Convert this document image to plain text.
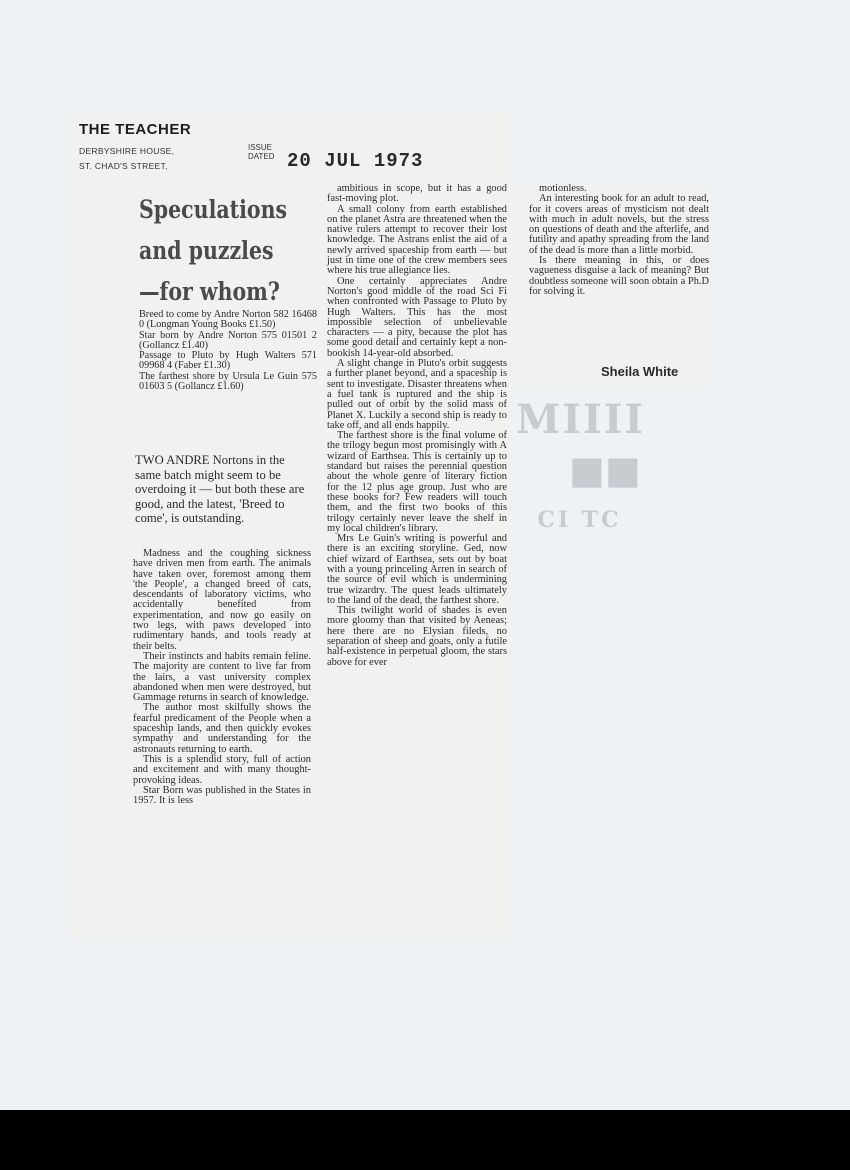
THE TEACHER
DERBYSHIRE HOUSE,
ST. CHAD'S STREET,
ISSUE
DATED 20 JUL 1973
Speculations
and puzzles
—for whom?

Breed to come by Andre Norton 582 16468 0 (Longman Young Books £1.50)

Star born by Andre Norton 575 01501 2 (Gollancz £1.40)

Passage to Pluto by Hugh Walters 571 09968 4 (Faber £1.30)

The farthest shore by Ursula Le Guin 575 01603 5 (Gollancz £1.60)

TWO ANDRE Nortons in the same batch might seem to be overdoing it — but both these are good, and the latest, 'Breed to come', is outstanding.

Madness and the coughing sickness have driven men from earth. The animals have taken over, foremost among them 'the People', a changed breed of cats, descendants of laboratory victims, who accidentally benefited from experimentation, and now go easily on two legs, with paws developed into rudimentary hands, and tools ready at their belts.

Their instincts and habits remain feline. The majority are content to live far from the lairs, a vast university complex abandoned when men were destroyed, but Gammage returns in search of knowledge.

The author most skilfully shows the fearful predicament of the People when a spaceship lands, and then quickly evokes sympathy and understanding for the astronauts returning to earth.

This is a splendid story, full of action and excitement and with many thought-provoking ideas.

Star Born was published in the States in 1957. It is less

ambitious in scope, but it has a good fast-moving plot.

A small colony from earth established on the planet Astra are threatened when the native rulers attempt to recover their lost knowledge. The Astrans enlist the aid of a newly arrived spaceship from earth — but just in time one of the crew members sees where his true allegiance lies.

One certainly appreciates Andre Norton's good middle of the road Sci Fi when confronted with Passage to Pluto by Hugh Walters. This has the most impossible selection of unbelievable characters — a pity, because the plot has some good detail and certainly kept a non-bookish 14-year-old absorbed.

A slight change in Pluto's orbit suggests a further planet beyond, and a spaceship is sent to investigate. Disaster threatens when a fuel tank is ruptured and the ship is pulled out of orbit by the solid mass of Planet X. Luckily a second ship is ready to take off, and all ends happily.

The farthest shore is the final volume of the trilogy begun most promisingly with A wizard of Earthsea. This is certainly up to standard but raises the perennial question about the whole genre of literary fiction for the 12 plus age group. Just who are these books for? Few readers will touch them, and the first two books of this trilogy certainly never leave the shelf in my local children's library.

Mrs Le Guin's writing is powerful and there is an exciting storyline. Ged, now chief wizard of Earthsea, sets out by boat with a young princeling Arren in search of the source of evil which is undermining true wizardry. The quest leads ultimately to the land of the dead, the farthest shore.

This twilight world of shades is even more gloomy than that visited by Aeneas; here there are no Elysian fileds, no separation of sheep and goats, only a futile half-existence in perpetual gloom, the stars above for ever

motionless.

An interesting book for an adult to read, for it covers areas of mysticism not dealt with much in adult novels, but the stress on questions of death and the afterlife, and futility and apathy spreading from the land of the dead is more than a little morbid.

Is there meaning in this, or does vagueness disguise a lack of meaning? But doubtless someone will soon obtain a Ph.D for solving it.

Sheila White
MIIII
■■
CI TC
